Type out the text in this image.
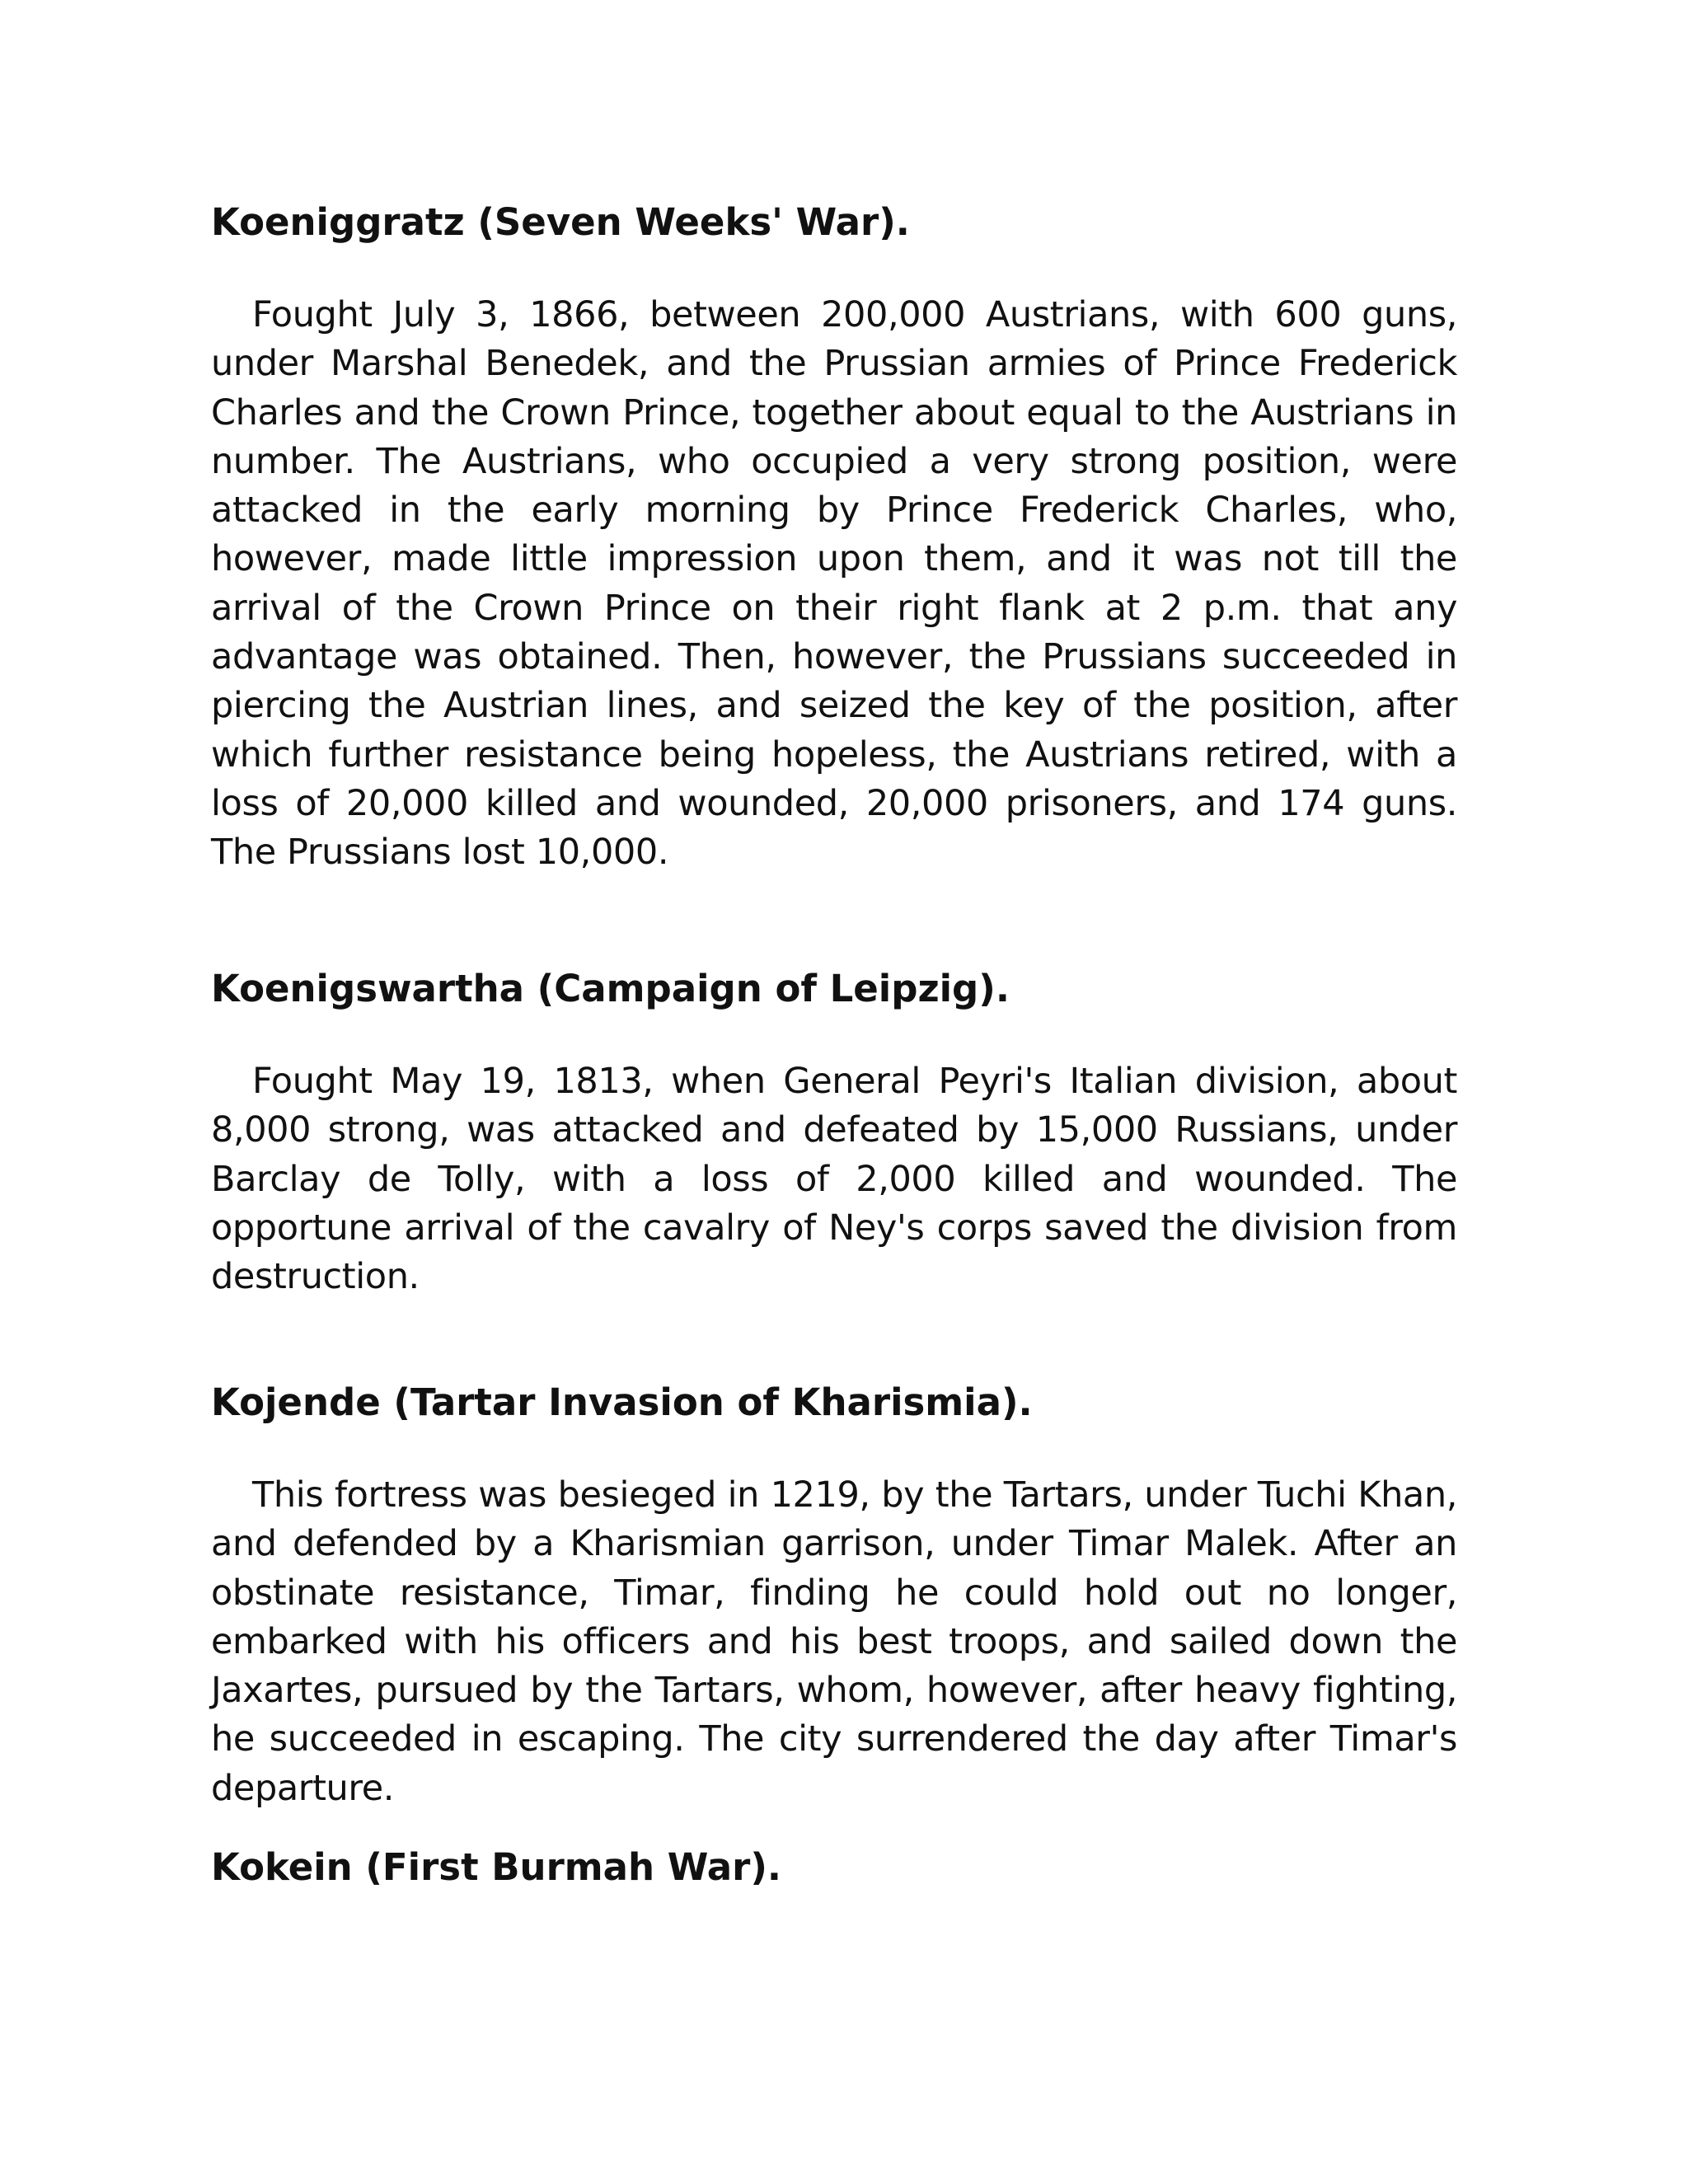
Koeniggratz (Seven Weeks' War).

Fought July 3, 1866, between 200,000 Austrians, with 600 guns, under Marshal Benedek, and the Prussian armies of Prince Frederick Charles and the Crown Prince, together about equal to the Austrians in number. The Austrians, who occupied a very strong position, were attacked in the early morning by Prince Frederick Charles, who, however, made little impression upon them, and it was not till the arrival of the Crown Prince on their right flank at 2 p.m. that any advantage was obtained. Then, however, the Prussians succeeded in piercing the Austrian lines, and seized the key of the position, after which further resistance being hopeless, the Austrians retired, with a loss of 20,000 killed and wounded, 20,000 prisoners, and 174 guns. The Prussians lost 10,000.

Koenigswartha (Campaign of Leipzig).

Fought May 19, 1813, when General Peyri's Italian division, about 8,000 strong, was attacked and defeated by 15,000 Russians, under Barclay de Tolly, with a loss of 2,000 killed and wounded. The opportune arrival of the cavalry of Ney's corps saved the division from destruction.

Kojende (Tartar Invasion of Kharismia).

This fortress was besieged in 1219, by the Tartars, under Tuchi Khan, and defended by a Kharismian garrison, under Timar Malek. After an obstinate resistance, Timar, finding he could hold out no longer, embarked with his officers and his best troops, and sailed down the Jaxartes, pursued by the Tartars, whom, however, after heavy fighting, he succeeded in escaping. The city surrendered the day after Timar's departure.

Kokein (First Burmah War).
